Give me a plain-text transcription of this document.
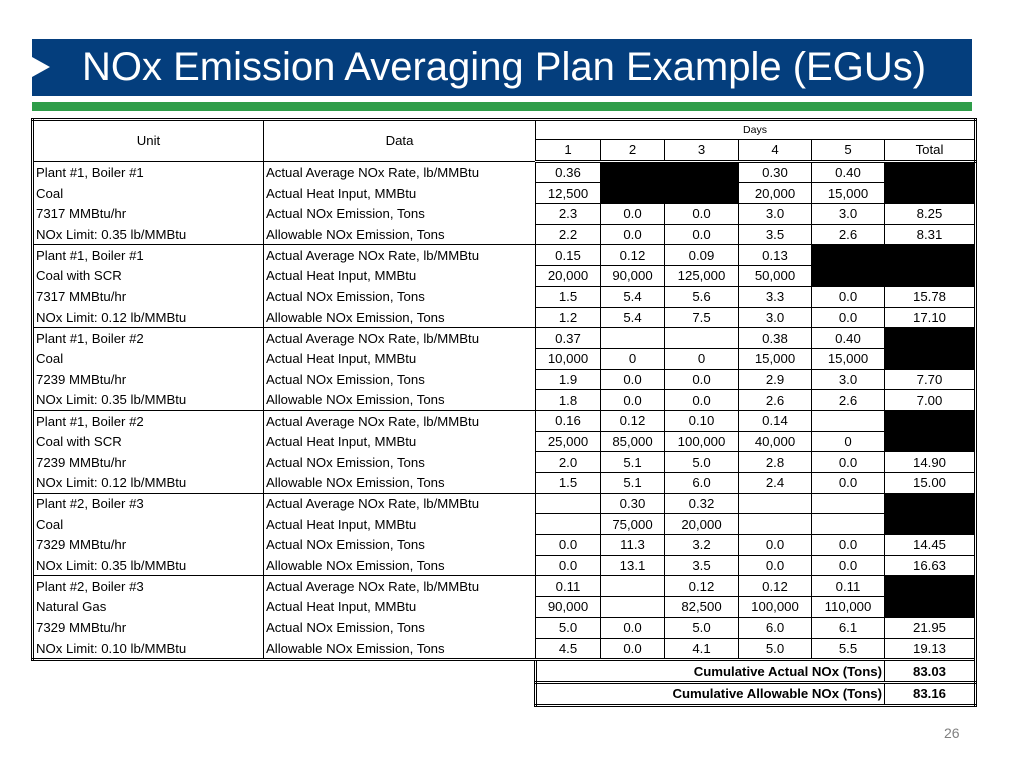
NOx Emission Averaging Plan Example (EGUs)
Unit	Data	Days					
		1	2	3	4	5	Total
Plant #1, Boiler #1	Actual Average NOx Rate, lb/MMBtu	0.36			0.30	0.40	
Coal	Actual Heat Input, MMBtu	12,500			20,000	15,000	
7317 MMBtu/hr	Actual NOx Emission, Tons	2.3	0.0	0.0	3.0	3.0	8.25
NOx Limit: 0.35 lb/MMBtu	Allowable NOx Emission, Tons	2.2	0.0	0.0	3.5	2.6	8.31
Plant #1, Boiler #1	Actual Average NOx Rate, lb/MMBtu	0.15	0.12	0.09	0.13		
Coal with SCR	Actual Heat Input, MMBtu	20,000	90,000	125,000	50,000		
7317 MMBtu/hr	Actual NOx Emission, Tons	1.5	5.4	5.6	3.3	0.0	15.78
NOx Limit: 0.12 lb/MMBtu	Allowable NOx Emission, Tons	1.2	5.4	7.5	3.0	0.0	17.10
Plant #1, Boiler #2	Actual Average NOx Rate, lb/MMBtu	0.37			0.38	0.40	
Coal	Actual Heat Input, MMBtu	10,000	0	0	15,000	15,000	
7239 MMBtu/hr	Actual NOx Emission, Tons	1.9	0.0	0.0	2.9	3.0	7.70
NOx Limit: 0.35 lb/MMBtu	Allowable NOx Emission, Tons	1.8	0.0	0.0	2.6	2.6	7.00
Plant #1, Boiler #2	Actual Average NOx Rate, lb/MMBtu	0.16	0.12	0.10	0.14		
Coal with SCR	Actual Heat Input, MMBtu	25,000	85,000	100,000	40,000	0	
7239 MMBtu/hr	Actual NOx Emission, Tons	2.0	5.1	5.0	2.8	0.0	14.90
NOx Limit: 0.12 lb/MMBtu	Allowable NOx Emission, Tons	1.5	5.1	6.0	2.4	0.0	15.00
Plant #2, Boiler #3	Actual Average NOx Rate, lb/MMBtu		0.30	0.32			
Coal	Actual Heat Input, MMBtu		75,000	20,000			
7329 MMBtu/hr	Actual NOx Emission, Tons	0.0	11.3	3.2	0.0	0.0	14.45
NOx Limit: 0.35 lb/MMBtu	Allowable NOx Emission, Tons	0.0	13.1	3.5	0.0	0.0	16.63
Plant #2, Boiler #3	Actual Average NOx Rate, lb/MMBtu	0.11		0.12	0.12	0.11	
Natural Gas	Actual Heat Input, MMBtu	90,000		82,500	100,000	110,000	
7329 MMBtu/hr	Actual NOx Emission, Tons	5.0	0.0	5.0	6.0	6.1	21.95
NOx Limit: 0.10 lb/MMBtu	Allowable NOx Emission, Tons	4.5	0.0	4.1	5.0	5.5	19.13
		Cumulative Actual NOx (Tons)					83.03
		Cumulative Allowable NOx (Tons)					83.16
26
